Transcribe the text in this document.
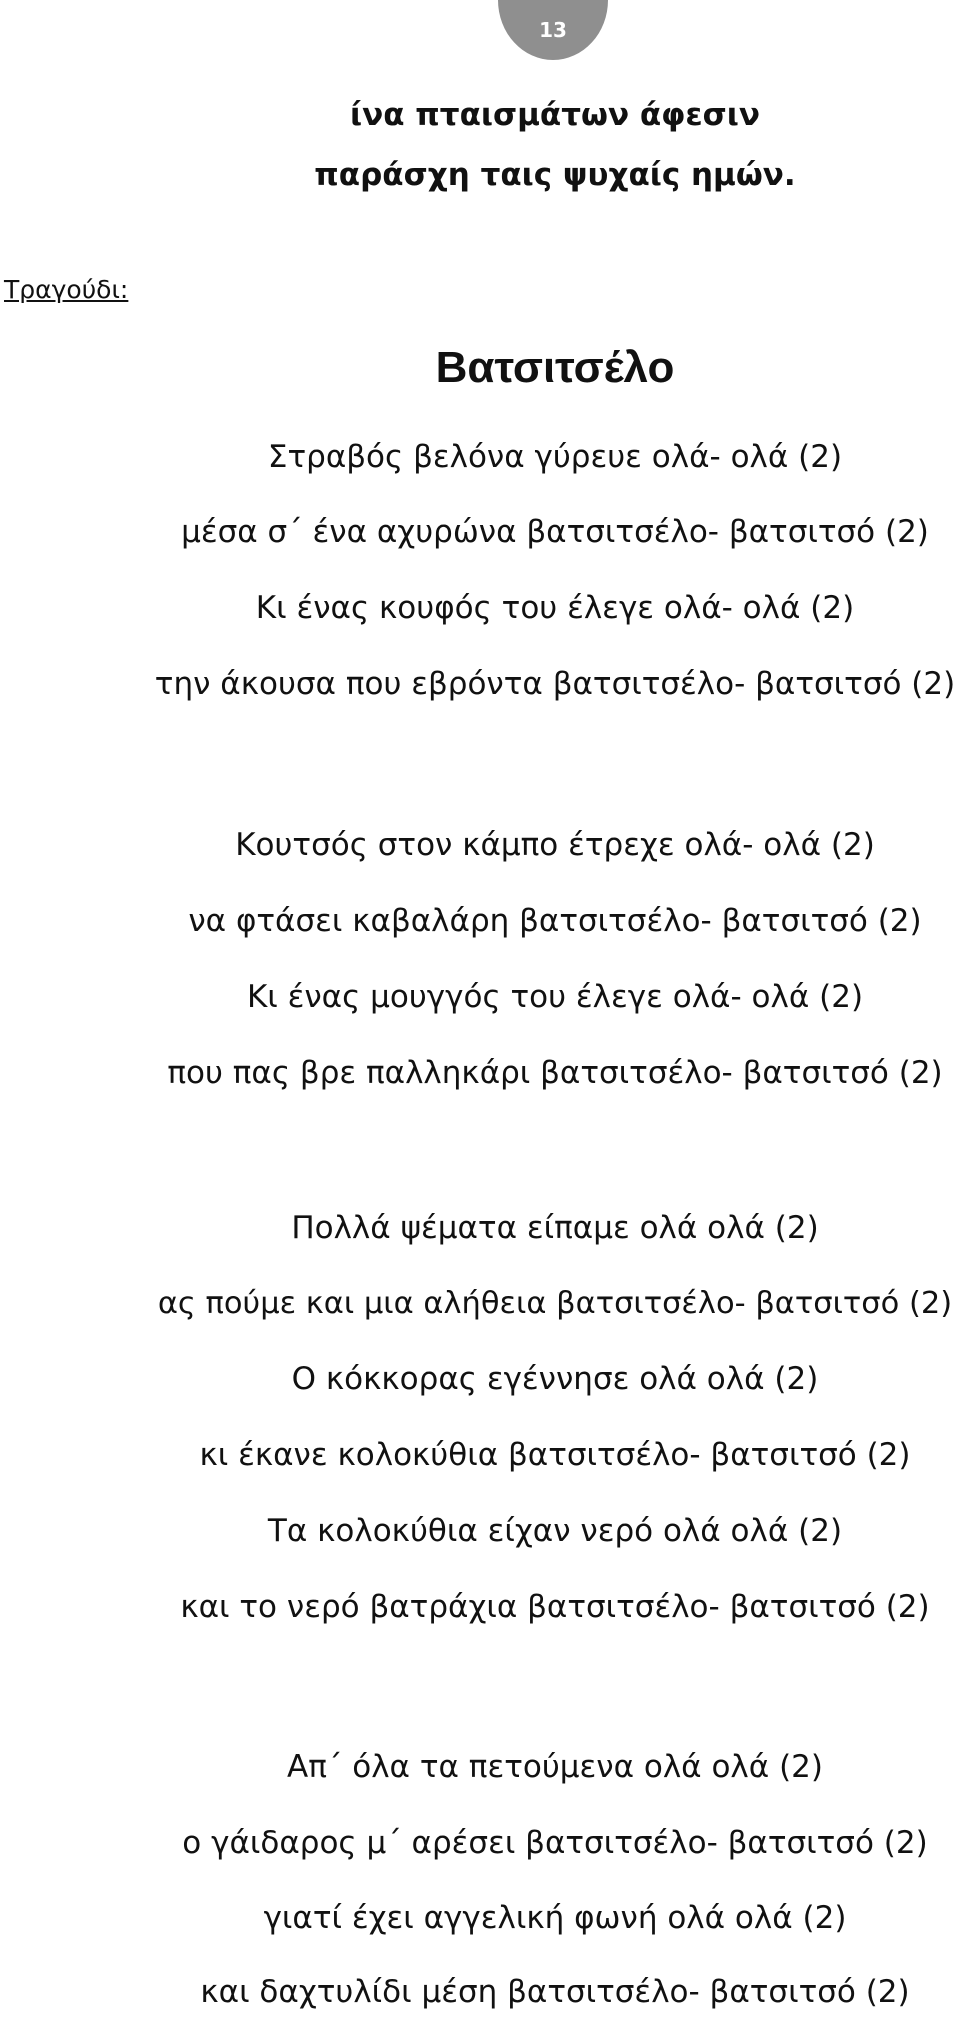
13
ίνα πταισμάτων άφεσιν
παράσχη ταις ψυχαίς ημών.
Τραγούδι:
Βατσιτσέλο
Στραβός βελόνα γύρευε ολά- ολά (2)
μέσα σ΄ ένα αχυρώνα βατσιτσέλο- βατσιτσό (2)
Κι ένας κουφός του έλεγε ολά- ολά (2)
την άκουσα που εβρόντα βατσιτσέλο- βατσιτσό (2)
Κουτσός στον κάμπο έτρεχε ολά- ολά (2)
να φτάσει καβαλάρη βατσιτσέλο- βατσιτσό (2)
Κι ένας μουγγός του έλεγε ολά- ολά (2)
που πας βρε παλληκάρι βατσιτσέλο- βατσιτσό (2)
Πολλά ψέματα είπαμε ολά ολά (2)
ας πούμε και μια αλήθεια βατσιτσέλο- βατσιτσό (2)
Ο κόκκορας εγέννησε ολά ολά (2)
κι έκανε κολοκύθια βατσιτσέλο- βατσιτσό (2)
Τα κολοκύθια είχαν νερό ολά ολά (2)
και το νερό βατράχια βατσιτσέλο- βατσιτσό (2)
Απ΄ όλα τα πετούμενα ολά ολά (2)
ο γάιδαρος μ΄ αρέσει βατσιτσέλο- βατσιτσό (2)
γιατί έχει αγγελική φωνή ολά ολά (2)
και δαχτυλίδι μέση βατσιτσέλο- βατσιτσό (2)
